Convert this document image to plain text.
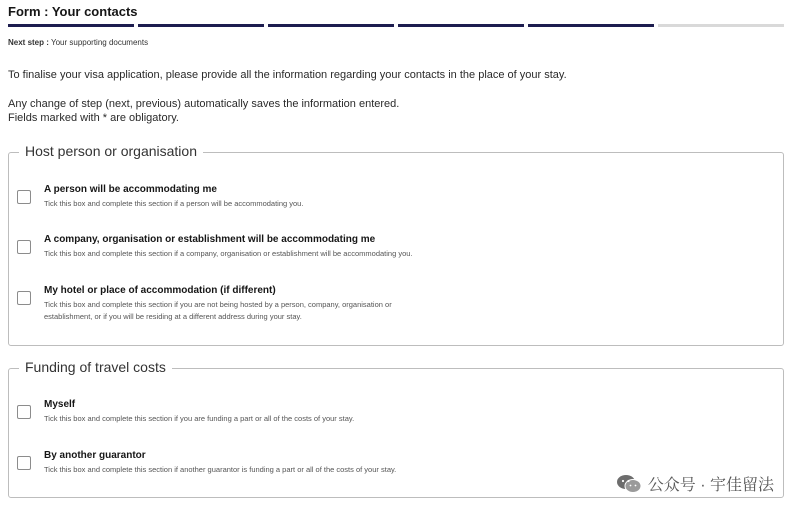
Form : Your contacts
Next step : Your supporting documents
To finalise your visa application, please provide all the information regarding your contacts in the place of your stay.
Any change of step (next, previous) automatically saves the information entered.
Fields marked with * are obligatory.
Host person or organisation
A person will be accommodating me
Tick this box and complete this section if a person will be accommodating you.
A company, organisation or establishment will be accommodating me
Tick this box and complete this section if a company, organisation or establishment will be accommodating you.
My hotel or place of accommodation (if different)
Tick this box and complete this section if you are not being hosted by a person, company, organisation or
establishment, or if you will be residing at a different address during your stay.
Funding of travel costs
Myself
Tick this box and complete this section if you are funding a part or all of the costs of your stay.
By another guarantor
Tick this box and complete this section if another guarantor is funding a part or all of the costs of your stay.
公众号 · 宇佳留法
